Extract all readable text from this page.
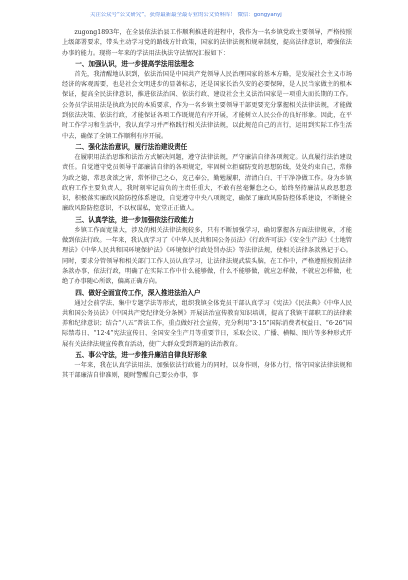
关注公众号“公文研究”，获得最新最全最专业的公文资料库！ 微信：gongyanyj

zugong1893年，在全县依法治县工作顺利推进的进程中，我作为一名乡镇党政主要领导，严格按照上级部署要求，带头主动学习党的路线方针政策，国家的法律法规和规章制度，提高法律意识，增强依法办事的能力。现将一年来的学法用法执法守法情况汇报如下：

一、加强认识，进一步提高学法用法理念

首先，我清醒地认识到，依法治国是中国共产党领导人民治理国家的基本方略，是发展社会主义市场经济的客观需要，也是社会文明进步的显著标志，还是国家长治久安的必要保障，是人民当家做主的根本保证，提高全民法律意识，推进依法治国、依法行政、建设社会主义法治国家是一项重大而长期的工作。公务员学法用法是执政为民的本质要求，作为一名乡镇主要领导干部更要充分掌握相关法律法规，才能做到依法决策、依法行政，才能保证各项工作既规范有序开展，才能树立人民公仆的良好形象。因此，在平时工作学习和生活中，我认真学习并严格践行相关法律法规，以此规范自己的言行，运用到实际工作生活中去，确保了全镇工作顺利有序开展。

二、强化法治意识，履行法治建设责任

在履职用法治思维和法治方式解决问题，遵守法律法规，严守廉洁自律各项规定。认真履行法治建设责任。自觉遵守党员领导干部廉洁自律的各项规定，牢固树立拒腐防变的思想防线，处处约束自己，常修为政之德，常思贪欲之害，常怀律己之心，克己奉公，勤勉履职，清清白白、干干净净做工作。身为乡镇政府工作主要负责人，我时刻牢记肩负的主责任重大，不敢有丝毫懈怠之心，始终坚持廉洁从政思想意识，积极落实廉政风险防控体系建设，自觉遵守中央八项规定，确保了廉政风险防控体系建设，不断健全廉政风险防控意识，不以权谋私，宽堂正正做人。

三、认真学法，进一步加强依法行政能力

乡镇工作面宽量大，涉及的相关法律法规较多，只有不断加强学习，确切掌握各方面法律规章，才能做到依法行政。一年来，我认真学习了《中华人民共和国公务员法》《行政许可法》《安全生产法》《土地管理法》《中华人民共和国环境保护法》《环境保护行政处罚办法》等法律法规，使相关法律条款熟记于心。同时，要求分管领导和相关部门工作人员认真学习，让法律法规武装头脑，在工作中，严格遵照按照法律条款办事，依法行政，明确了在实际工作中什么能够做，什么不能够做，就应怎样做，不就应怎样做，杜绝了办事随心所欲，偏离正确方向。

四、做好全面宣传工作，深入推进法治入户

通过会前学法、集中专题学法等形式，组织我镇全体党员干部认真学习《宪法》《民法典》《中华人民共和国公务员法》《中国共产党纪律处分条例》开展法治宣传教育知识培训，提高了我镇干部职工的法律素养和纪律意识；结合“八五”普法工作，重点做好社会宣传，充分利用“3·15”国际消费者权益日、“6·26”国际禁毒日、“12·4”宪法宣传日、全国安全生产月等重要节日，采取会议、广播、横幅、图片等多种形式开展有关法律法规宣传教育活动，使广大群众受到普遍的法治教育。

五、事公守法，进一步推升廉洁自律良好形象

一年来，我在认真学法用法、加强依法行政能力的同时，以身作则，身体力行，恪守国家法律法规和其干部廉洁自律准则，随时警醒自己要公办事，事
